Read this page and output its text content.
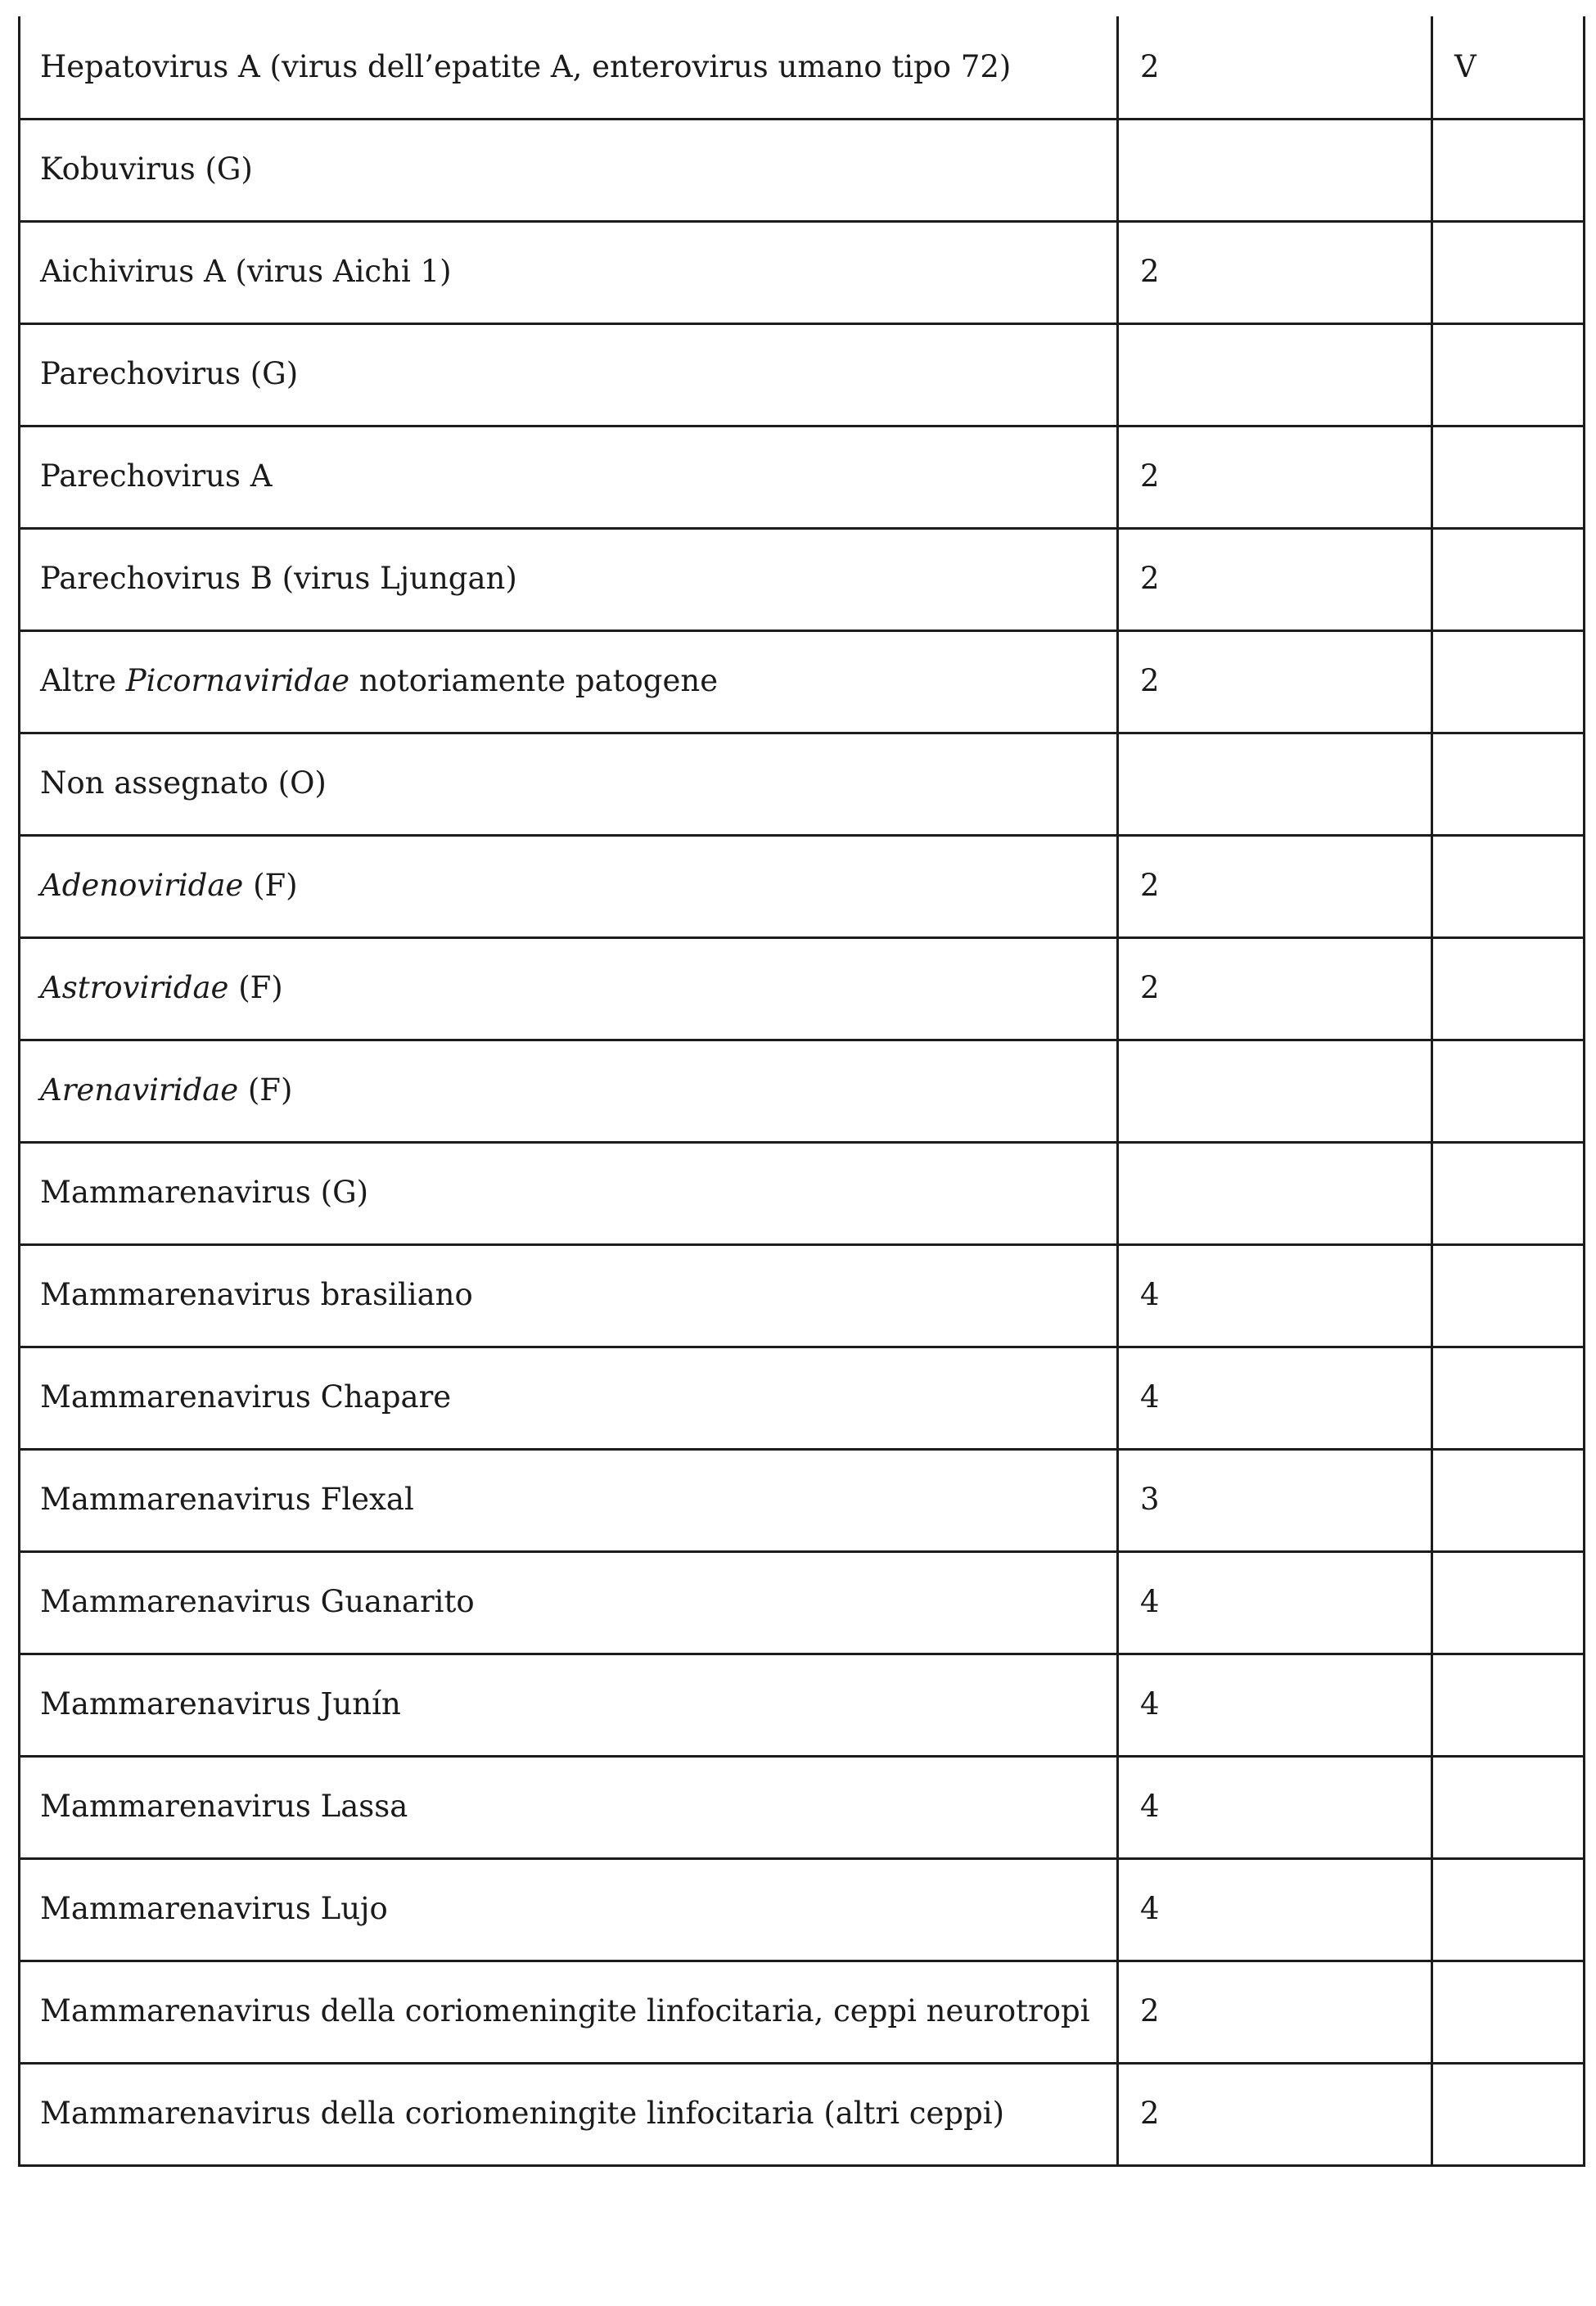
Hepatovirus A (virus dell’epatite A, enterovirus umano tipo 72)	2	V
Kobuvirus (G)		
Aichivirus A (virus Aichi 1)	2	
Parechovirus (G)		
Parechovirus A	2	
Parechovirus B (virus Ljungan)	2	
Altre Picornaviridae notoriamente patogene	2	
Non assegnato (O)		
Adenoviridae (F)	2	
Astroviridae (F)	2	
Arenaviridae (F)		
Mammarenavirus (G)		
Mammarenavirus brasiliano	4	
Mammarenavirus Chapare	4	
Mammarenavirus Flexal	3	
Mammarenavirus Guanarito	4	
Mammarenavirus Junín	4	
Mammarenavirus Lassa	4	
Mammarenavirus Lujo	4	
Mammarenavirus della coriomeningite linfocitaria, ceppi neurotropi	2	
Mammarenavirus della coriomeningite linfocitaria (altri ceppi)	2	
